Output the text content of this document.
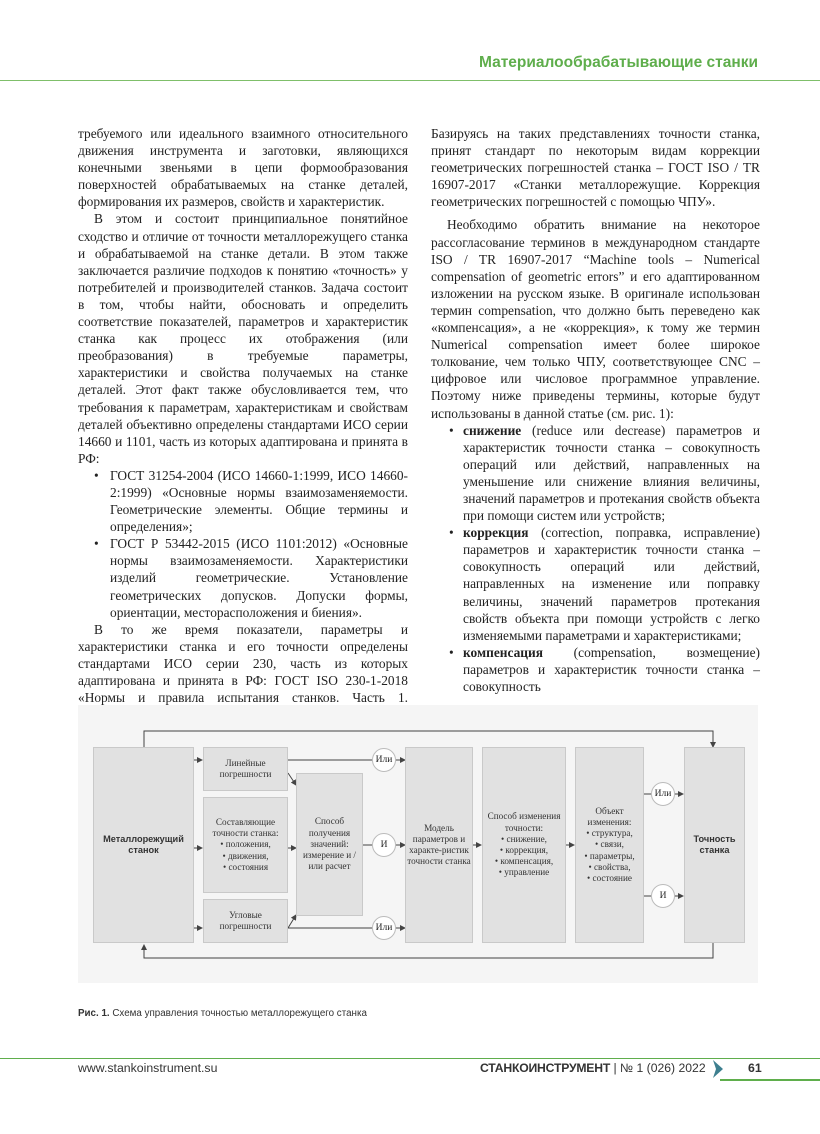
Материалообрабатывающие станки

требуемого или идеального взаимного относительного движения инструмента и заготовки, являющихся конечными звеньями в цепи формообразования поверхностей обрабатываемых на станке деталей, формирования их размеров, свойств и характеристик.

В этом и состоит принципиальное понятийное сходство и отличие от точности металлорежущего станка и обрабатываемой на станке детали. В этом также заключается различие подходов к понятию «точность» у потребителей и производителей станков. Задача состоит в том, чтобы найти, обосновать и определить соответствие показателей, параметров и характеристик станка как процесс их отображения (или преобразования) в требуемые параметры, характеристики и свойства получаемых на станке деталей. Этот факт также обусловливается тем, что требования к параметрам, характеристикам и свойствам деталей объективно определены стандартами ИСО серии 14660 и 1101, часть из которых адаптирована и принята в РФ:

• ГОСТ 31254-2004 (ИСО 14660-1:1999, ИСО 14660-2:1999) «Основные нормы взаимозаменяемости. Геометрические элементы. Общие термины и определения»;
• ГОСТ Р 53442-2015 (ИСО 1101:2012) «Основные нормы взаимозаменяемости. Характеристики изделий геометрические. Установление геометрических допусков. Допуски формы, ориентации, месторасположения и биения».

В то же время показатели, параметры и характеристики станка и его точности определены стандартами ИСО серии 230, часть из которых адаптирована и принята в РФ: ГОСТ ISO 230-1-2018 «Нормы и правила испытания станков. Часть 1.

Базируясь на таких представлениях точности станка, принят стандарт по некоторым видам коррекции геометрических погрешностей станка – ГОСТ ISO / TR 16907-2017 «Станки металлорежущие. Коррекция геометрических погрешностей с помощью ЧПУ».

Необходимо обратить внимание на некоторое рассогласование терминов в международном стандарте ISO / TR 16907-2017 “Machine tools – Numerical compensation of geometric errors” и его адаптированном изложении на русском языке. В оригинале использован термин compensation, что должно быть переведено как «компенсация», а не «коррекция», к тому же термин Numerical compensation имеет более широкое толкование, чем только ЧПУ, соответствующее CNC – цифровое или числовое программное управление. Поэтому ниже приведены термины, которые будут использованы в данной статье (см. рис. 1):

• снижение (reduce или decrease) параметров и характеристик точности станка – совокупность операций или действий, направленных на уменьшение или снижение влияния величины, значений параметров и протекания свойств объекта при помощи систем или устройств;
• коррекция (correction, поправка, исправление) параметров и характеристик точности станка – совокупность операций или действий, направленных на изменение или поправку величины, значений параметров протекания свойств объекта при помощи устройств с легко изменяемыми параметрами и характеристиками;
• компенсация (compensation, возмещение) параметров и характеристик точности станка – совокупность
Металлорежущий станок
Линейные погрешности
Составляющие точности станка:
• положения,
• движения,
• состояния
Угловые погрешности
Способ получения значений: измерение и / или расчет
Модель параметров и характе-ристик точности станка
Способ изменения точности:
• снижение,
• коррекция,
• компенсация,
• управление
Объект изменения:
• структура,
• связи,
• параметры,
• свойства,
• состояние
Точность станка
Или
И
Или
Или
И
Рис. 1. Схема управления точностью металлорежущего станка
www.stankoinstrument.su	СТАНКОИНСТРУМЕНТ | № 1 (026) 2022	61
